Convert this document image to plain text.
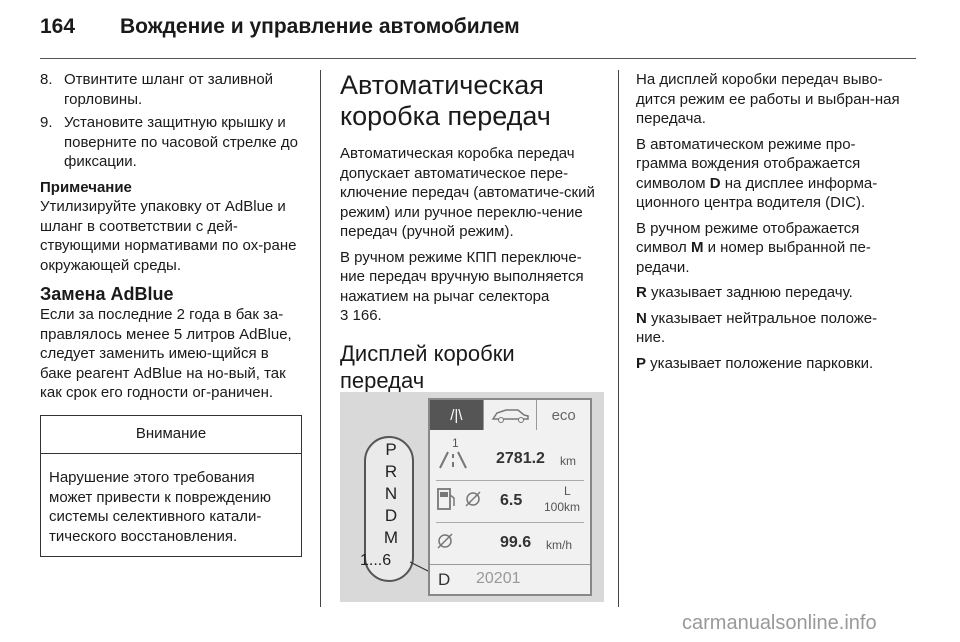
164	Вождение и управление автомобилем
8. Отвинтите шланг от заливной горловины.
9. Установите защитную крышку и поверните по часовой стрелке до фиксации.
Примечание
Утилизируйте упаковку от AdBlue и шланг в соответствии с дей-ствующими нормативами по ох-ране окружающей среды.
Замена AdBlue
Если за последние 2 года в бак за-правлялось менее 5 литров AdBlue, следует заменить имею-щийся в баке реагент AdBlue на но-вый, так как срок его годности ог-раничен.
Внимание
Нарушение этого требования может привести к повреждению системы селективного катали-тического восстановления.
Автоматическая коробка передач
Автоматическая коробка передач допускает автоматическое пере-ключение передач (автоматиче-ский режим) или ручное переклю-чение передач (ручной режим).
В ручном режиме КПП переключе-ние передач вручную выполняется нажатием на рычаг селектора
3 166.
Дисплей коробки передач
P
R
N
D
M
1...6
/|\	eco
1
2781.2 km
6.5
L
100km
99.6 km/h
D 20201
На дисплей коробки передач выво-дится режим ее работы и выбран-ная передача.
В автоматическом режиме про-грамма вождения отображается символом D на дисплее информа-ционного центра водителя (DIC).
В ручном режиме отображается символ M и номер выбранной пе-редачи.
R указывает заднюю передачу.
N указывает нейтральное положе-ние.
P указывает положение парковки.
carmanualsonline.info
